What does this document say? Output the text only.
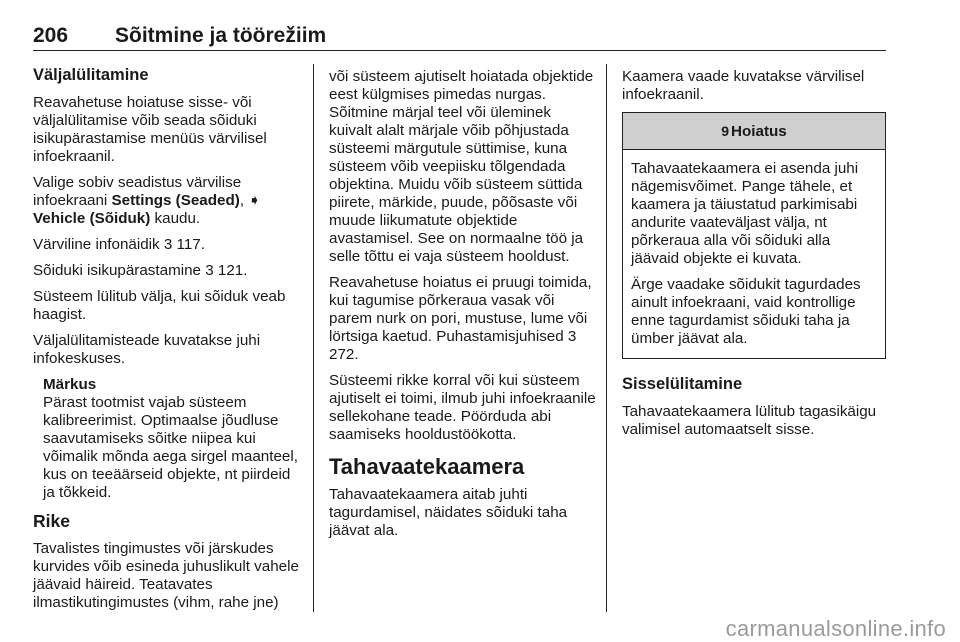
206 Sõitmine ja töörežiim
Väljalülitamine

Reavahetuse hoiatuse sisse- või väljalülitamise võib seada sõiduki isikupärastamise menüüs värvilisel infoekraanil.

Valige sobiv seadistus värvilise infoekraani Settings (Seaded), ➧ Vehicle (Sõiduk) kaudu.

Värviline infonäidik 3 117.

Sõiduki isikupärastamine 3 121.

Süsteem lülitub välja, kui sõiduk veab haagist.

Väljalülitamisteade kuvatakse juhi infokeskuses.

Märkus
Pärast tootmist vajab süsteem kalibreerimist. Optimaalse jõudluse saavutamiseks sõitke niipea kui võimalik mõnda aega sirgel maanteel, kus on teeäärseid objekte, nt piirdeid ja tõkkeid.
Rike

Tavalistes tingimustes või järskudes kurvides võib esineda juhuslikult vahele jäävaid häireid. Teatavates ilmastikutingimustes (vihm, rahe jne)

või süsteem ajutiselt hoiatada objektide eest külgmises pimedas nurgas. Sõitmine märjal teel või üleminek kuivalt alalt märjale võib põhjustada süsteemi märgutule süttimise, kuna süsteem võib veepiisku tõlgendada objektina. Muidu võib süsteem süttida piirete, märkide, puude, põõsaste või muude liikumatute objektide avastamisel. See on normaalne töö ja selle tõttu ei vaja süsteem hooldust.

Reavahetuse hoiatus ei pruugi toimida, kui tagumise põrkeraua vasak või parem nurk on pori, mustuse, lume või lörtsiga kaetud. Puhastamisjuhised 3 272.

Süsteemi rikke korral või kui süsteem ajutiselt ei toimi, ilmub juhi infoekraanile sellekohane teade. Pöörduda abi saamiseks hooldustöökotta.

Tahavaatekaamera

Tahavaatekaamera aitab juhti tagurdamisel, näidates sõiduki taha jäävat ala.

Kaamera vaade kuvatakse värvilisel infoekraanil.

9 Hoiatus

Tahavaatekaamera ei asenda juhi nägemisvõimet. Pange tähele, et kaamera ja täiustatud parkimisabi andurite vaateväljast välja, nt põrkeraua alla või sõiduki alla jäävaid objekte ei kuvata.

Ärge vaadake sõidukit tagurdades ainult infoekraani, vaid kontrollige enne tagurdamist sõiduki taha ja ümber jäävat ala.

Sisselülitamine

Tahavaatekaamera lülitub tagasikäigu valimisel automaatselt sisse.

carmanualsonline.info
